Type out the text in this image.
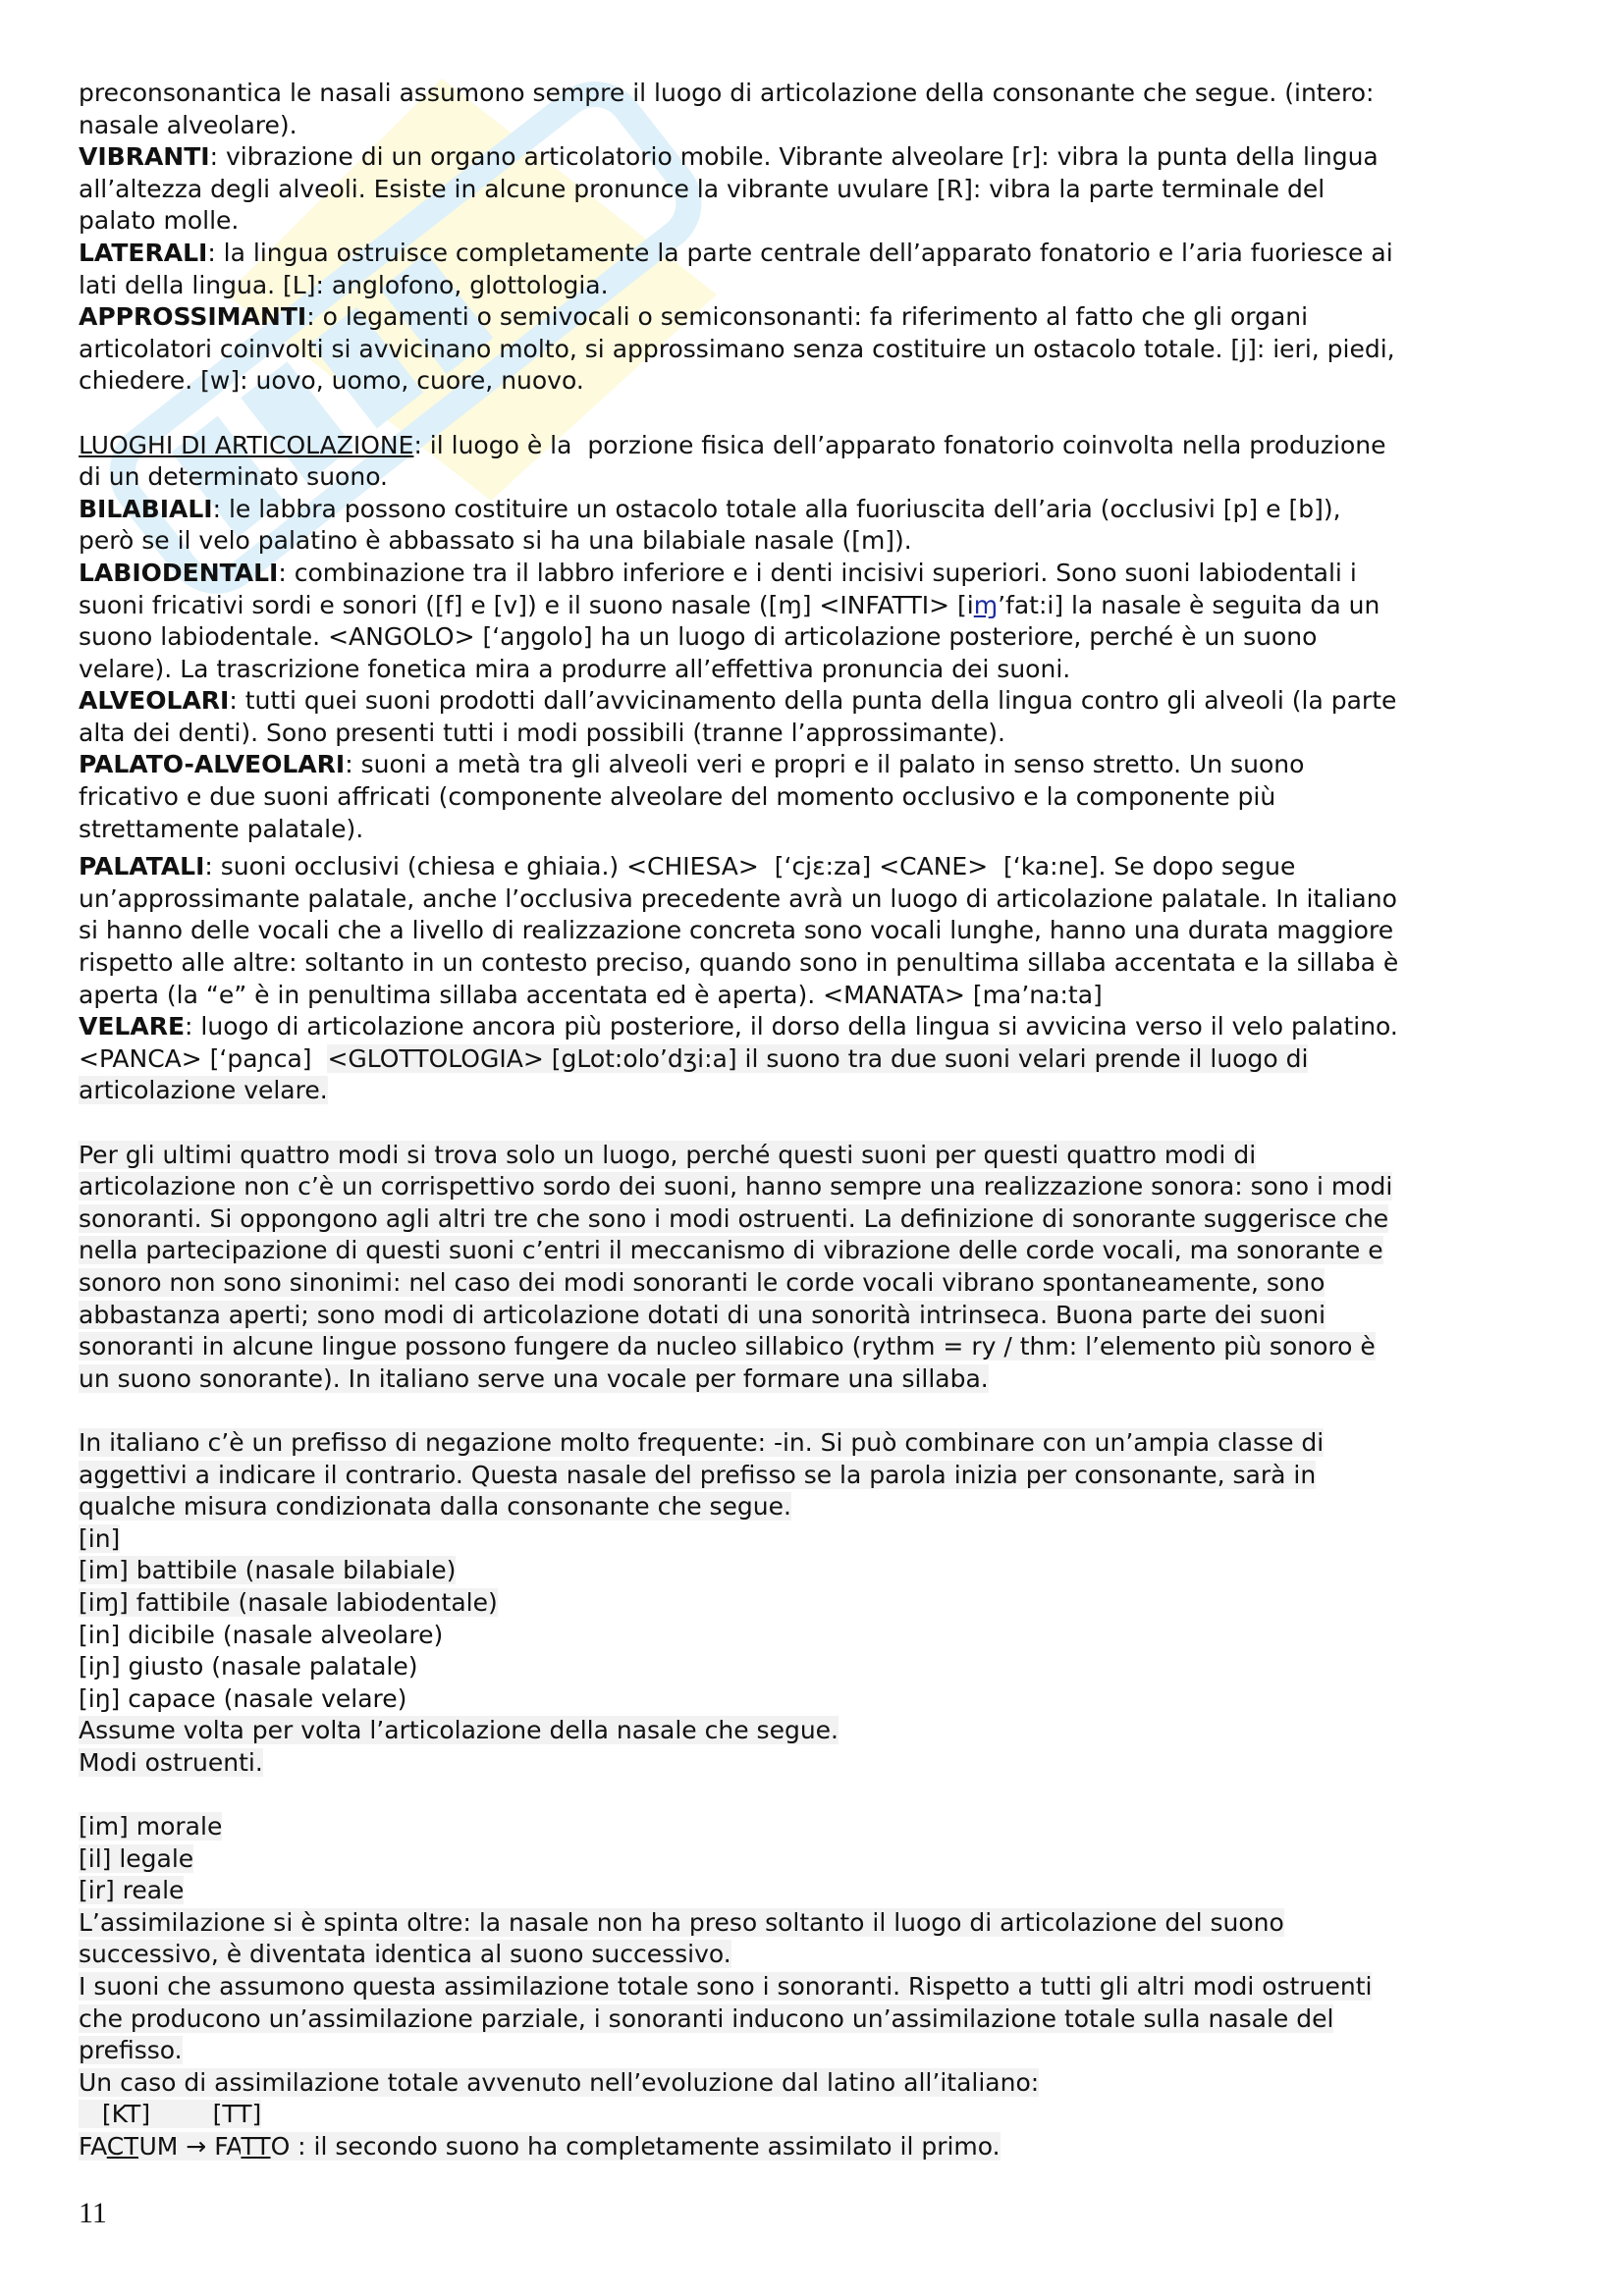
preconsonantica le nasali assumono sempre il luogo di articolazione della consonante che segue. (intero:
nasale alveolare).
VIBRANTI: vibrazione di un organo articolatorio mobile. Vibrante alveolare [r]: vibra la punta della lingua
all’altezza degli alveoli. Esiste in alcune pronunce la vibrante uvulare [R]: vibra la parte terminale del
palato molle.
LATERALI: la lingua ostruisce completamente la parte centrale dell’apparato fonatorio e l’aria fuoriesce ai
lati della lingua. [L]: anglofono, glottologia.
APPROSSIMANTI: o legamenti o semivocali o semiconsonanti: fa riferimento al fatto che gli organi
articolatori coinvolti si avvicinano molto, si approssimano senza costituire un ostacolo totale. [j]: ieri, piedi,
chiedere. [w]: uovo, uomo, cuore, nuovo.
LUOGHI DI ARTICOLAZIONE: il luogo è la  porzione fisica dell’apparato fonatorio coinvolta nella produzione
di un determinato suono.
BILABIALI: le labbra possono costituire un ostacolo totale alla fuoriuscita dell’aria (occlusivi [p] e [b]),
però se il velo palatino è abbassato si ha una bilabiale nasale ([m]).
LABIODENTALI: combinazione tra il labbro inferiore e i denti incisivi superiori. Sono suoni labiodentali i
suoni fricativi sordi e sonori ([f] e [v]) e il suono nasale ([ɱ] <INFATTI> [iɱ’fat:i] la nasale è seguita da un
suono labiodentale. <ANGOLO> [‘aŋgolo] ha un luogo di articolazione posteriore, perché è un suono
velare). La trascrizione fonetica mira a produrre all’effettiva pronuncia dei suoni.
ALVEOLARI: tutti quei suoni prodotti dall’avvicinamento della punta della lingua contro gli alveoli (la parte
alta dei denti). Sono presenti tutti i modi possibili (tranne l’approssimante).
PALATO-ALVEOLARI: suoni a metà tra gli alveoli veri e propri e il palato in senso stretto. Un suono
fricativo e due suoni affricati (componente alveolare del momento occlusivo e la componente più
strettamente palatale).
PALATALI: suoni occlusivi (chiesa e ghiaia.) <CHIESA>  [‘cjɛ:za] <CANE>  [‘ka:ne]. Se dopo segue
un’approssimante palatale, anche l’occlusiva precedente avrà un luogo di articolazione palatale. In italiano
si hanno delle vocali che a livello di realizzazione concreta sono vocali lunghe, hanno una durata maggiore
rispetto alle altre: soltanto in un contesto preciso, quando sono in penultima sillaba accentata e la sillaba è
aperta (la “e” è in penultima sillaba accentata ed è aperta). <MANATA> [ma’na:ta]
VELARE: luogo di articolazione ancora più posteriore, il dorso della lingua si avvicina verso il velo palatino.
<PANCA> [‘paɲca]  <GLOTTOLOGIA> [gLot:olo’dʒi:a] il suono tra due suoni velari prende il luogo di
articolazione velare.
Per gli ultimi quattro modi si trova solo un luogo, perché questi suoni per questi quattro modi di
articolazione non c’è un corrispettivo sordo dei suoni, hanno sempre una realizzazione sonora: sono i modi
sonoranti. Si oppongono agli altri tre che sono i modi ostruenti. La definizione di sonorante suggerisce che
nella partecipazione di questi suoni c’entri il meccanismo di vibrazione delle corde vocali, ma sonorante e
sonoro non sono sinonimi: nel caso dei modi sonoranti le corde vocali vibrano spontaneamente, sono
abbastanza aperti; sono modi di articolazione dotati di una sonorità intrinseca. Buona parte dei suoni
sonoranti in alcune lingue possono fungere da nucleo sillabico (rythm = ry / thm: l’elemento più sonoro è
un suono sonorante). In italiano serve una vocale per formare una sillaba.
In italiano c’è un prefisso di negazione molto frequente: -in. Si può combinare con un’ampia classe di
aggettivi a indicare il contrario. Questa nasale del prefisso se la parola inizia per consonante, sarà in
qualche misura condizionata dalla consonante che segue.
[in]
[im] battibile (nasale bilabiale)
[iɱ] fattibile (nasale labiodentale)
[in] dicibile (nasale alveolare)
[iɲ] giusto (nasale palatale)
[iŋ] capace (nasale velare)
Assume volta per volta l’articolazione della nasale che segue.
Modi ostruenti.
[im] morale
[il] legale
[ir] reale
L’assimilazione si è spinta oltre: la nasale non ha preso soltanto il luogo di articolazione del suono
successivo, è diventata identica al suono successivo.
I suoni che assumono questa assimilazione totale sono i sonoranti. Rispetto a tutti gli altri modi ostruenti
che producono un’assimilazione parziale, i sonoranti inducono un’assimilazione totale sulla nasale del
prefisso.
Un caso di assimilazione totale avvenuto nell’evoluzione dal latino all’italiano:
[KT]        [TT]
FACTUM → FATTO : il secondo suono ha completamente assimilato il primo.
11
